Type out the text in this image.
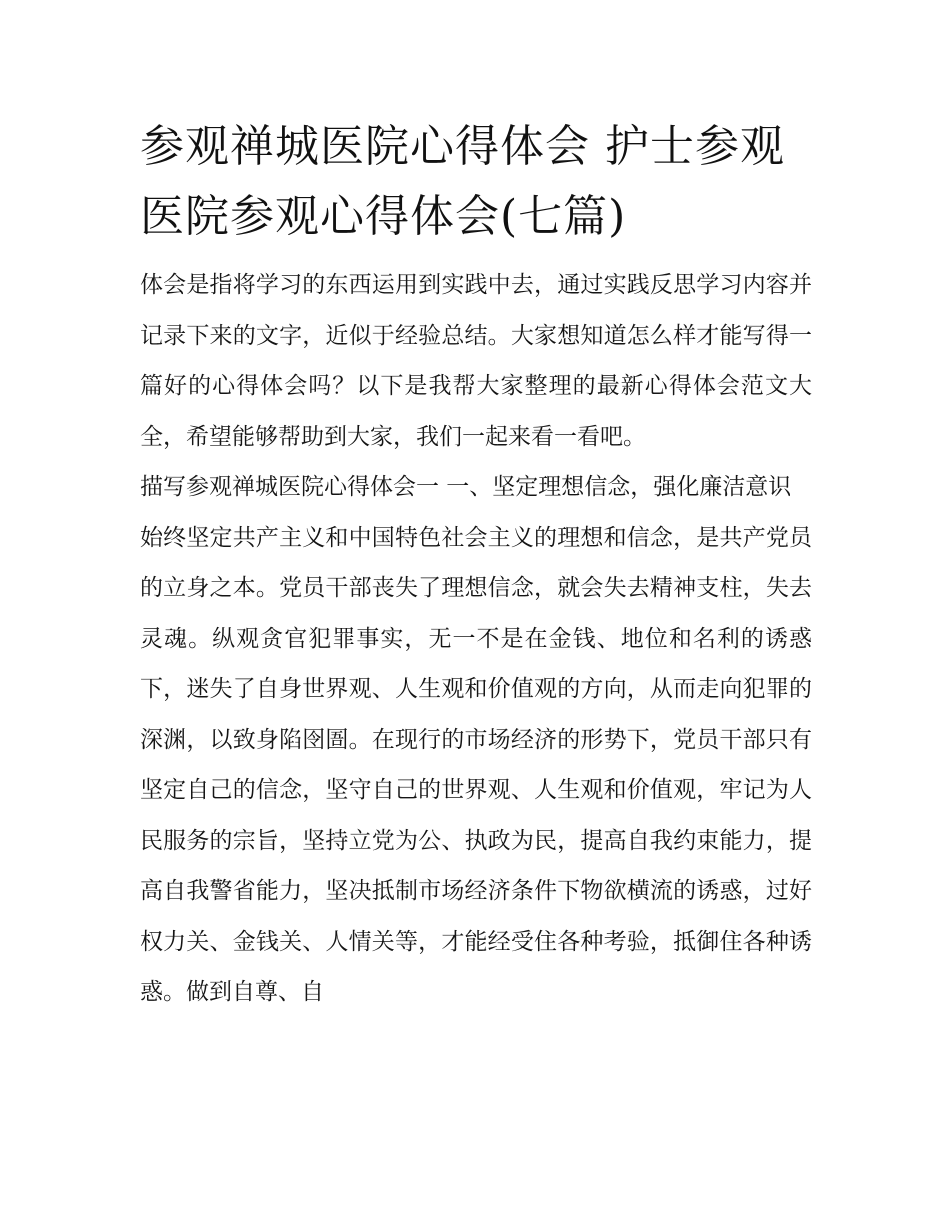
参观禅城医院心得体会 护士参观医院参观心得体会(七篇)

体会是指将学习的东西运用到实践中去，通过实践反思学习内容并记录下来的文字，近似于经验总结。大家想知道怎么样才能写得一篇好的心得体会吗？以下是我帮大家整理的最新心得体会范文大全，希望能够帮助到大家，我们一起来看一看吧。

描写参观禅城医院心得体会一 一、坚定理想信念，强化廉洁意识

始终坚定共产主义和中国特色社会主义的理想和信念，是共产党员的立身之本。党员干部丧失了理想信念，就会失去精神支柱，失去灵魂。纵观贪官犯罪事实，无一不是在金钱、地位和名利的诱惑下，迷失了自身世界观、人生观和价值观的方向，从而走向犯罪的深渊，以致身陷囹圄。在现行的市场经济的形势下，党员干部只有坚定自己的信念，坚守自己的世界观、人生观和价值观，牢记为人民服务的宗旨，坚持立党为公、执政为民，提高自我约束能力，提高自我警省能力，坚决抵制市场经济条件下物欲横流的诱惑，过好权力关、金钱关、人情关等，才能经受住各种考验，抵御住各种诱惑。做到自尊、自
